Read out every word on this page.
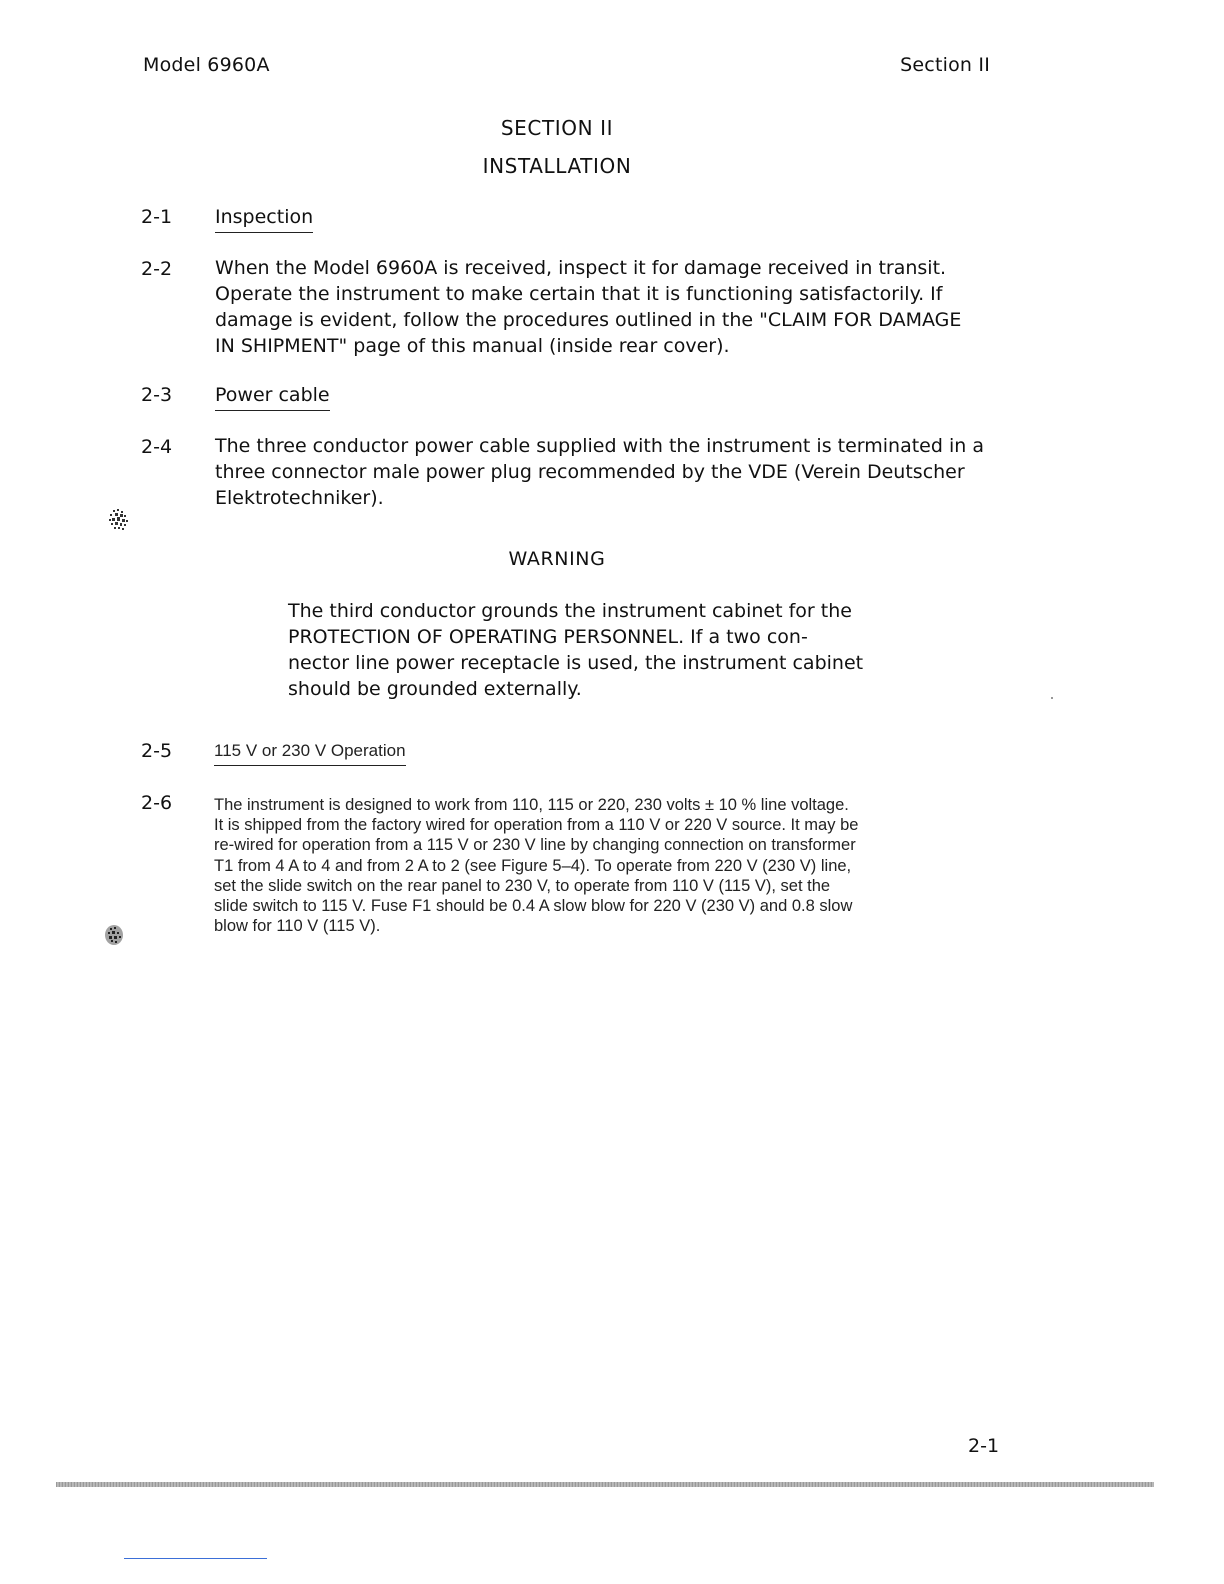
Model 6960A	Section II
SECTION II
INSTALLATION
2-1 Inspection
2-2 When the Model 6960A is received, inspect it for damage received in transit.
Operate the instrument to make certain that it is functioning satisfactorily. If
damage is evident, follow the procedures outlined in the "CLAIM FOR DAMAGE
IN SHIPMENT" page of this manual (inside rear cover).
2-3 Power cable
2-4 The three conductor power cable supplied with the instrument is terminated in a
three connector male power plug recommended by the VDE (Verein Deutscher
Elektrotechniker).
WARNING
The third conductor grounds the instrument cabinet for the
PROTECTION OF OPERATING PERSONNEL. If a two con-
nector line power receptacle is used, the instrument cabinet
should be grounded externally.
2-5 115 V or 230 V Operation
2-6	The instrument is designed to work from 110, 115 or 220, 230 volts ± 10 % line voltage.
It is shipped from the factory wired for operation from a 110 V or 220 V source. It may be
re-wired for operation from a 115 V or 230 V line by changing connection on transformer
T1 from 4 A to 4 and from 2 A to 2 (see Figure 5–4). To operate from 220 V (230 V) line,
set the slide switch on the rear panel to 230 V, to operate from 110 V (115 V), set the
slide switch to 115 V. Fuse F1 should be 0.4 A slow blow for 220 V (230 V) and 0.8 slow
blow for 110 V (115 V).
2-1
